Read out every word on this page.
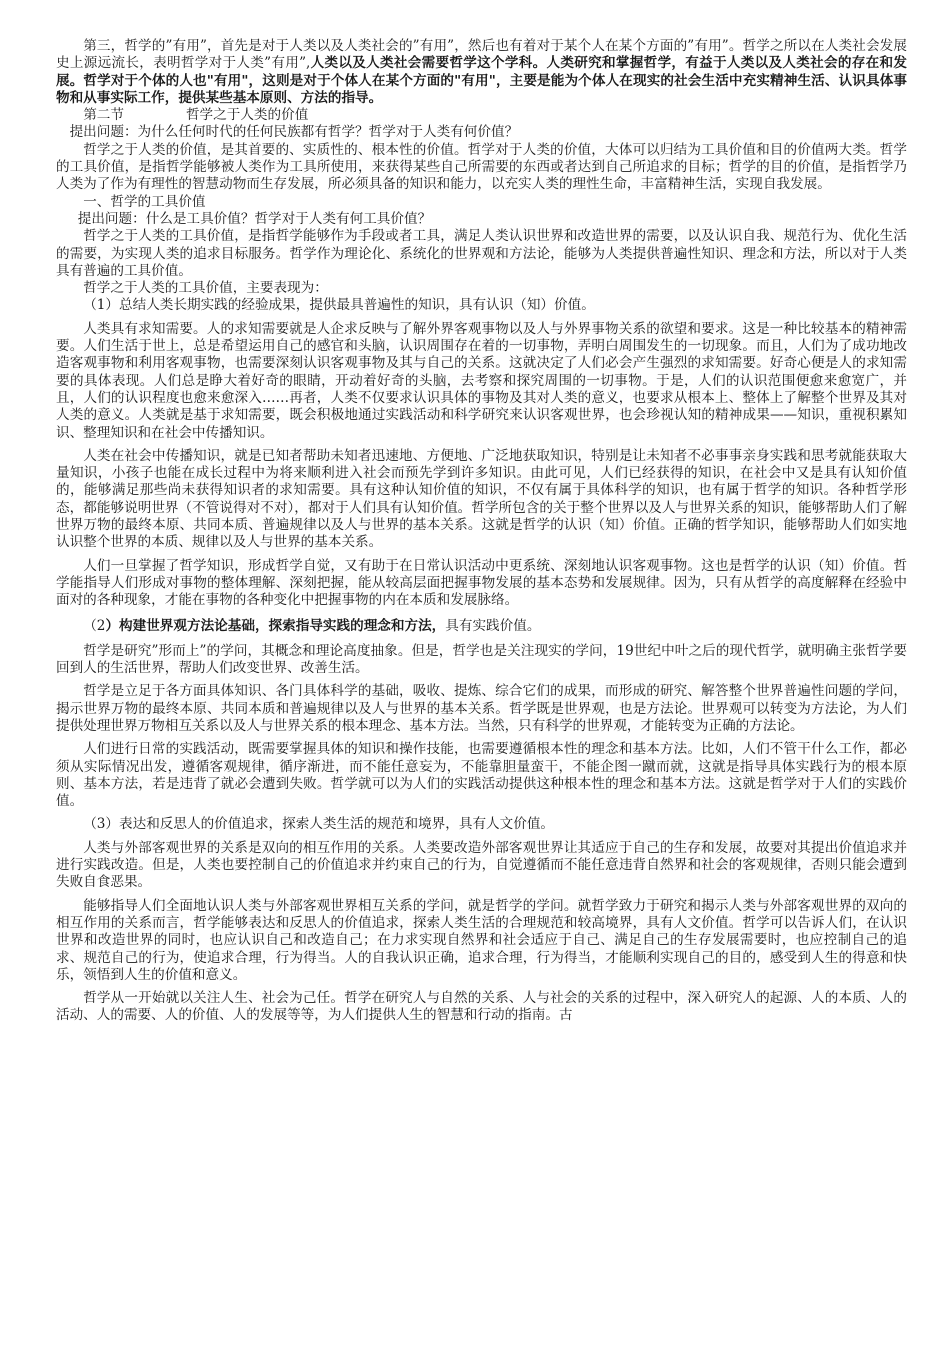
第三，哲学的”有用”，首先是对于人类以及人类社会的”有用”，然后也有着对于某个人在某个方面的”有用”。哲学之所以在人类社会发展史上源远流长，表明哲学对于人类”有用”,人类以及人类社会需要哲学这个学科。人类研究和掌握哲学，有益于人类以及人类社会的存在和发展。哲学对于个体的人也"有用"，这则是对于个体人在某个方面的"有用"，主要是能为个体人在现实的社会生活中充实精神生活、认识具体事物和从事实际工作，提供某些基本原则、方法的指导。

第二节	哲学之于人类的价值

提出问题：为什么任何时代的任何民族都有哲学？哲学对于人类有何价值？

哲学之于人类的价值，是其首要的、实质性的、根本性的价值。哲学对于人类的价值，大体可以归结为工具价值和目的价值两大类。哲学的工具价值，是指哲学能够被人类作为工具所使用，来获得某些自己所需要的东西或者达到自己所追求的目标；哲学的目的价值，是指哲学乃人类为了作为有理性的智慧动物而生存发展，所必须具备的知识和能力，以充实人类的理性生命，丰富精神生活，实现自我发展。

一、哲学的工具价值

提出问题：什么是工具价值？哲学对于人类有何工具价值？

哲学之于人类的工具价值，是指哲学能够作为手段或者工具，满足人类认识世界和改造世界的需要，以及认识自我、规范行为、优化生活的需要，为实现人类的追求目标服务。哲学作为理论化、系统化的世界观和方法论，能够为人类提供普遍性知识、理念和方法，所以对于人类具有普遍的工具价值。

哲学之于人类的工具价值，主要表现为：

（1）总结人类长期实践的经验成果，提供最具普遍性的知识，具有认识（知）价值。

人类具有求知需要。人的求知需要就是人企求反映与了解外界客观事物以及人与外界事物关系的欲望和要求。这是一种比较基本的精神需要。人们生活于世上，总是希望运用自己的感官和头脑，认识周围存在着的一切事物，弄明白周围发生的一切现象。而且，人们为了成功地改造客观事物和利用客观事物，也需要深刻认识客观事物及其与自己的关系。这就决定了人们必会产生强烈的求知需要。好奇心便是人的求知需要的具体表现。人们总是睁大着好奇的眼睛，开动着好奇的头脑，去考察和探究周围的一切事物。于是，人们的认识范围便愈来愈宽广，并且，人们的认识程度也愈来愈深入……再者，人类不仅要求认识具体的事物及其对人类的意义，也要求从根本上、整体上了解整个世界及其对人类的意义。人类就是基于求知需要，既会积极地通过实践活动和科学研究来认识客观世界，也会珍视认知的精神成果——知识，重视积累知识、整理知识和在社会中传播知识。

人类在社会中传播知识，就是已知者帮助未知者迅速地、方便地、广泛地获取知识，特别是让未知者不必事事亲身实践和思考就能获取大量知识，小孩子也能在成长过程中为将来顺利进入社会而预先学到许多知识。由此可见，人们已经获得的知识，在社会中又是具有认知价值的，能够满足那些尚未获得知识者的求知需要。具有这种认知价值的知识，不仅有属于具体科学的知识，也有属于哲学的知识。各种哲学形态，都能够说明世界（不管说得对不对），都对于人们具有认知价值。哲学所包含的关于整个世界以及人与世界关系的知识，能够帮助人们了解世界万物的最终本原、共同本质、普遍规律以及人与世界的基本关系。这就是哲学的认识（知）价值。正确的哲学知识，能够帮助人们如实地认识整个世界的本质、规律以及人与世界的基本关系。

人们一旦掌握了哲学知识，形成哲学自觉，又有助于在日常认识活动中更系统、深刻地认识客观事物。这也是哲学的认识（知）价值。哲学能指导人们形成对事物的整体理解、深刻把握，能从较高层面把握事物发展的基本态势和发展规律。因为，只有从哲学的高度解释在经验中面对的各种现象，才能在事物的各种变化中把握事物的内在本质和发展脉络。

（2）构建世界观方法论基础，探索指导实践的理念和方法，具有实践价值。

哲学是研究”形而上”的学问，其概念和理论高度抽象。但是，哲学也是关注现实的学问，19世纪中叶之后的现代哲学，就明确主张哲学要回到人的生活世界，帮助人们改变世界、改善生活。

哲学是立足于各方面具体知识、各门具体科学的基础，吸收、提炼、综合它们的成果，而形成的研究、解答整个世界普遍性问题的学问，揭示世界万物的最终本原、共同本质和普遍规律以及人与世界的基本关系。哲学既是世界观，也是方法论。世界观可以转变为方法论，为人们提供处理世界万物相互关系以及人与世界关系的根本理念、基本方法。当然，只有科学的世界观，才能转变为正确的方法论。

人们进行日常的实践活动，既需要掌握具体的知识和操作技能，也需要遵循根本性的理念和基本方法。比如，人们不管干什么工作，都必须从实际情况出发，遵循客观规律，循序渐进，而不能任意妄为，不能靠胆量蛮干，不能企图一蹴而就，这就是指导具体实践行为的根本原则、基本方法，若是违背了就必会遭到失败。哲学就可以为人们的实践活动提供这种根本性的理念和基本方法。这就是哲学对于人们的实践价值。

（3）表达和反思人的价值追求，探索人类生活的规范和境界，具有人文价值。

人类与外部客观世界的关系是双向的相互作用的关系。人类要改造外部客观世界让其适应于自己的生存和发展，故要对其提出价值追求并进行实践改造。但是，人类也要控制自己的价值追求并约束自己的行为，自觉遵循而不能任意违背自然界和社会的客观规律，否则只能会遭到失败自食恶果。

能够指导人们全面地认识人类与外部客观世界相互关系的学问，就是哲学的学问。就哲学致力于研究和揭示人类与外部客观世界的双向的相互作用的关系而言，哲学能够表达和反思人的价值追求，探索人类生活的合理规范和较高境界，具有人文价值。哲学可以告诉人们，在认识世界和改造世界的同时，也应认识自己和改造自己；在力求实现自然界和社会适应于自己、满足自己的生存发展需要时，也应控制自己的追求、规范自己的行为，使追求合理，行为得当。人的自我认识正确，追求合理，行为得当，才能顺利实现自己的目的，感受到人生的得意和快乐，领悟到人生的价值和意义。

哲学从一开始就以关注人生、社会为己任。哲学在研究人与自然的关系、人与社会的关系的过程中，深入研究人的起源、人的本质、人的活动、人的需要、人的价值、人的发展等等，为人们提供人生的智慧和行动的指南。古
